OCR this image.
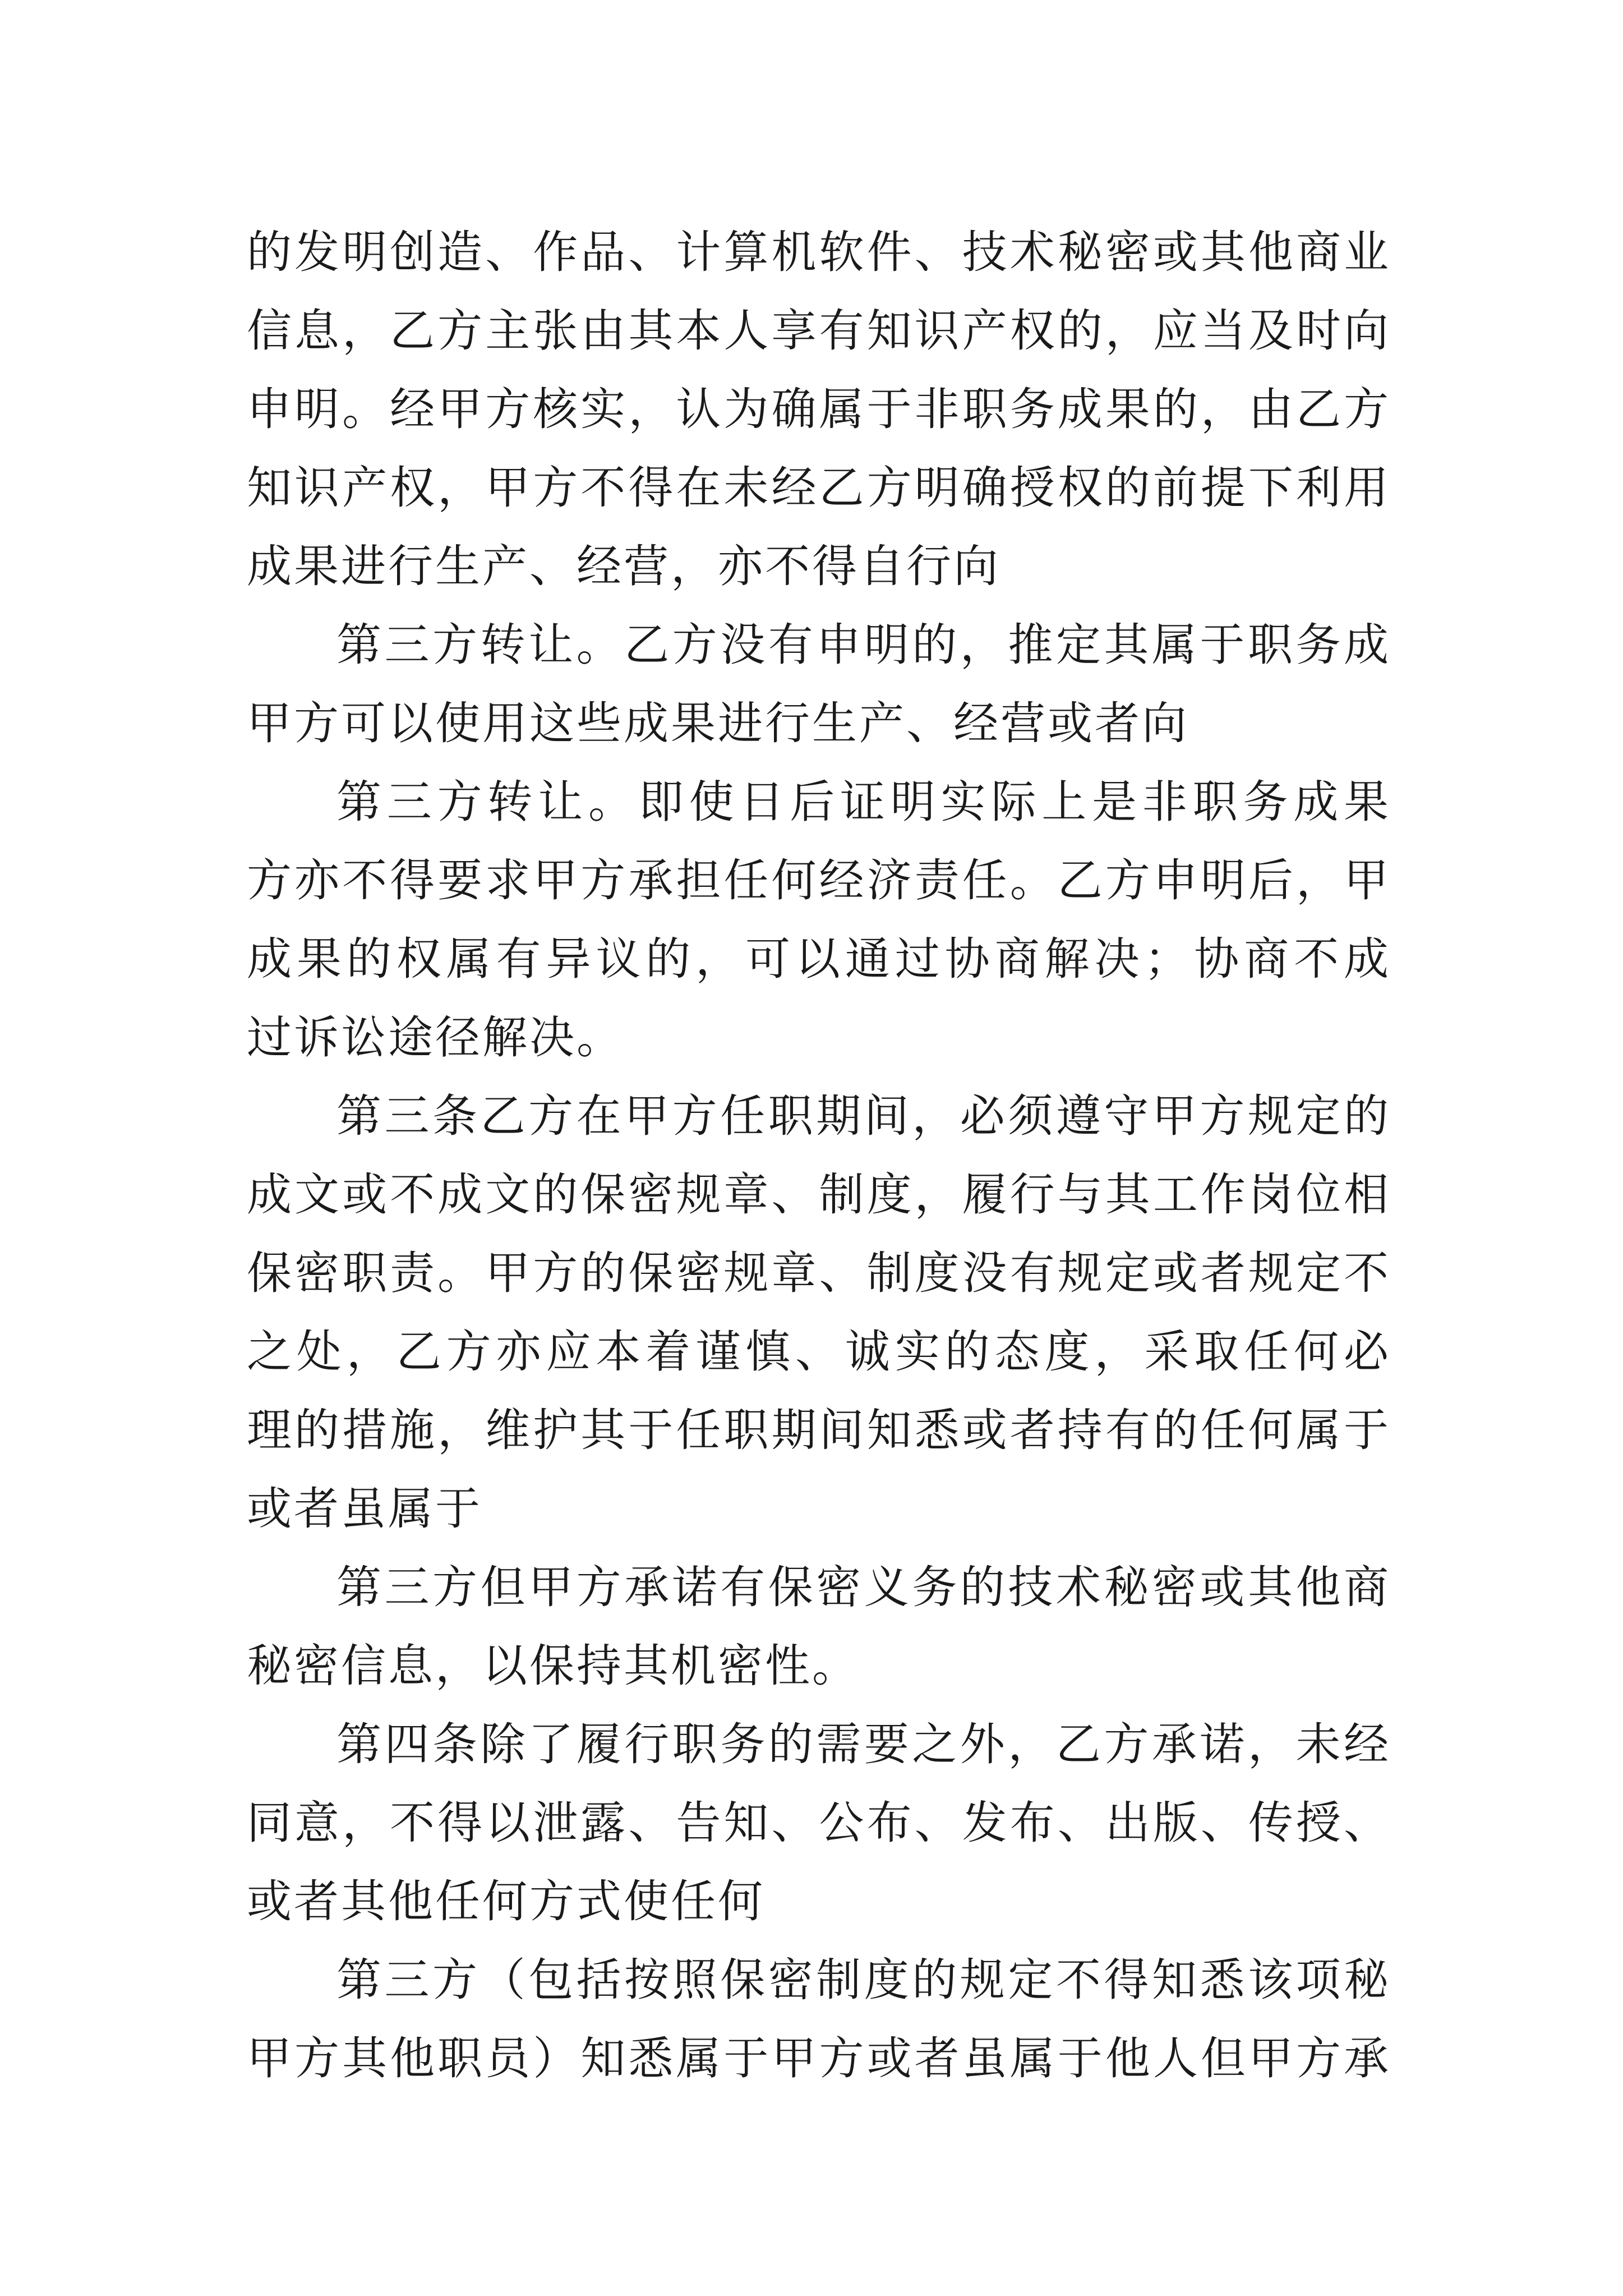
的发明创造、作品、计算机软件、技术秘密或其他商业
信息，乙方主张由其本人享有知识产权的，应当及时向
申明。经甲方核实，认为确属于非职务成果的，由乙方
知识产权，甲方不得在未经乙方明确授权的前提下利用
成果进行生产、经营，亦不得自行向
第三方转让。乙方没有申明的，推定其属于职务成
甲方可以使用这些成果进行生产、经营或者向
第三方转让。即使日后证明实际上是非职务成果
方亦不得要求甲方承担任何经济责任。乙方申明后，甲
成果的权属有异议的，可以通过协商解决；协商不成
过诉讼途径解决。
第三条乙方在甲方任职期间，必须遵守甲方规定的
成文或不成文的保密规章、制度，履行与其工作岗位相
保密职责。甲方的保密规章、制度没有规定或者规定不
之处，乙方亦应本着谨慎、诚实的态度，采取任何必
理的措施，维护其于任职期间知悉或者持有的任何属于
或者虽属于
第三方但甲方承诺有保密义务的技术秘密或其他商
秘密信息，以保持其机密性。
第四条除了履行职务的需要之外，乙方承诺，未经
同意，不得以泄露、告知、公布、发布、出版、传授、
或者其他任何方式使任何
第三方（包括按照保密制度的规定不得知悉该项秘
甲方其他职员）知悉属于甲方或者虽属于他人但甲方承
